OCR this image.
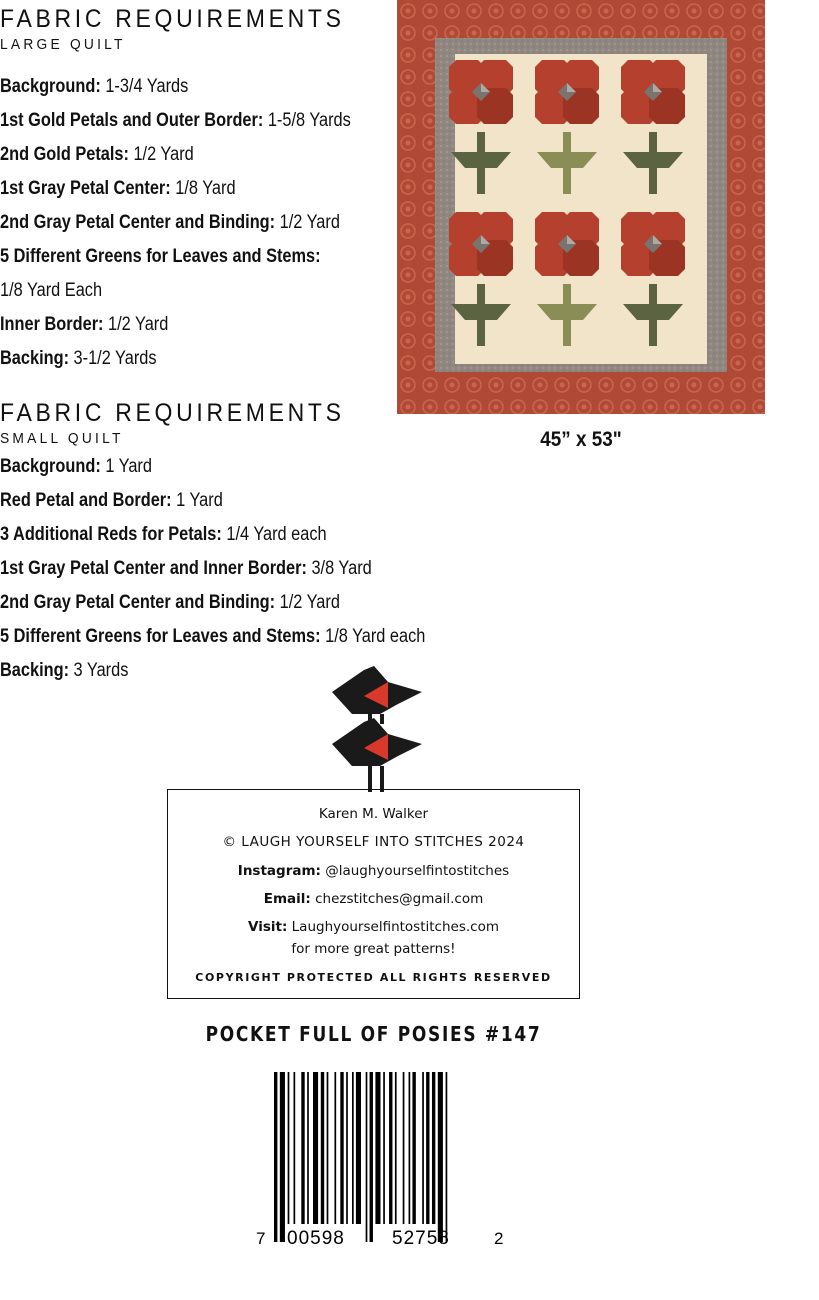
FABRIC REQUIREMENTS
LARGE QUILT
Background: 1-3/4 Yards
1st Gold Petals and Outer Border: 1-5/8 Yards
2nd Gold Petals: 1/2 Yard
1st Gray Petal Center: 1/8 Yard
2nd Gray Petal Center and Binding: 1/2 Yard
5 Different Greens for Leaves and Stems:
1/8 Yard Each
Inner Border: 1/2 Yard
Backing: 3-1/2 Yards
FABRIC REQUIREMENTS
SMALL QUILT
Background: 1 Yard
Red Petal and Border: 1 Yard
3 Additional Reds for Petals: 1/4 Yard each
1st Gray Petal Center and Inner Border: 3/8 Yard
2nd Gray Petal Center and Binding: 1/2 Yard
5 Different Greens for Leaves and Stems: 1/8 Yard each
Backing: 3 Yards
45” x 53"
Karen M. Walker
© LAUGH YOURSELF INTO STITCHES 2024
Instagram: @laughyourselfintostitches
Email: chezstitches@gmail.com
Visit: Laughyourselfintostitches.com
for more great patterns!
COPYRIGHT PROTECTED ALL RIGHTS RESERVED
POCKET FULL OF POSIES #147
7 00598 52758	2
